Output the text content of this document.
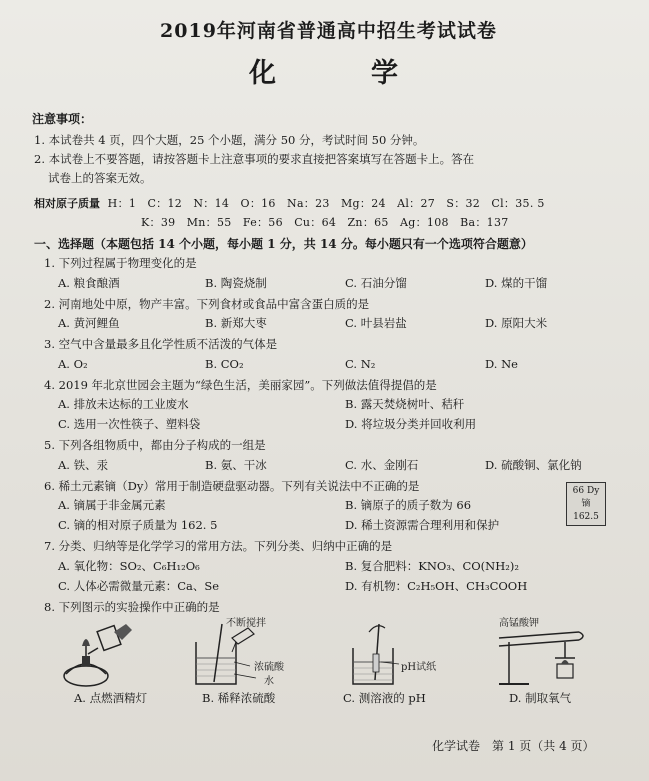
2019年河南省普通高中招生考试试卷
化　学
注意事项：
1. 本试卷共 4 页，四个大题，25 个小题，满分 50 分，考试时间 50 分钟。
2. 本试卷上不要答题，请按答题卡上注意事项的要求直接把答案填写在答题卡上。答在
试卷上的答案无效。
相对原子质量 H：1　C：12　N：14　O：16　Na：23　Mg：24　Al：27　S：32　Cl：35. 5
K：39　Mn：55　Fe：56　Cu：64　Zn：65　Ag：108　Ba：137
一、选择题（本题包括 14 个小题，每小题 1 分，共 14 分。每小题只有一个选项符合题意）
1. 下列过程属于物理变化的是
A. 粮食酿酒	B. 陶瓷烧制	C. 石油分馏	D. 煤的干馏
2. 河南地处中原，物产丰富。下列食材或食品中富含蛋白质的是
A. 黄河鲤鱼	B. 新郑大枣	C. 叶县岩盐	D. 原阳大米
3. 空气中含量最多且化学性质不活泼的气体是
A. O₂	B. CO₂	C. N₂	D. Ne
4. 2019 年北京世园会主题为“绿色生活，美丽家园”。下列做法值得提倡的是
A. 排放未达标的工业废水	B. 露天焚烧树叶、秸秆
C. 选用一次性筷子、塑料袋	D. 将垃圾分类并回收利用
5. 下列各组物质中，都由分子构成的一组是
A. 铁、汞	B. 氨、干冰	C. 水、金刚石	D. 硫酸铜、氯化钠
6. 稀土元素镝（Dy）常用于制造硬盘驱动器。下列有关说法中不正确的是
A. 镝属于非金属元素	B. 镝原子的质子数为 66
C. 镝的相对原子质量为 162. 5	D. 稀土资源需合理利用和保护
7. 分类、归纳等是化学学习的常用方法。下列分类、归纳中正确的是
A. 氧化物：SO₂、C₆H₁₂O₆	B. 复合肥料：KNO₃、CO(NH₂)₂
C. 人体必需微量元素：Ca、Se	D. 有机物：C₂H₅OH、CH₃COOH
8. 下列图示的实验操作中正确的是
A. 点燃酒精灯
不断搅拌
浓硫酸
水
B. 稀释浓硫酸
pH试纸
C. 测溶液的 pH
高锰酸钾
D. 制取氧气
66 Dy
镝
162.5
化学试卷　第 1 页（共 4 页）
